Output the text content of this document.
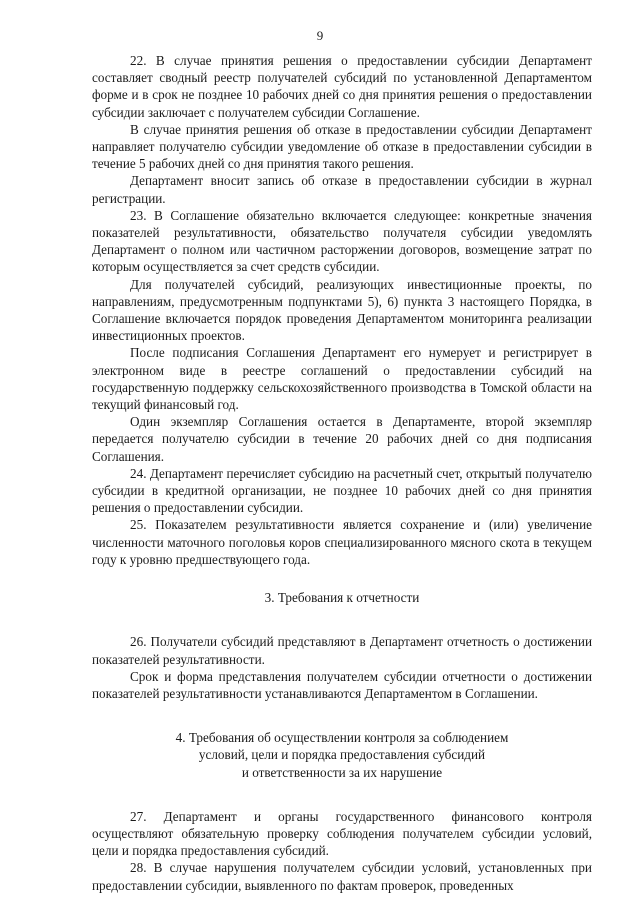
9

22. В случае принятия решения о предоставлении субсидии Департамент составляет сводный реестр получателей субсидий по установленной Департаментом форме и в срок не позднее 10 рабочих дней со дня принятия решения о предоставлении субсидии заключает с получателем субсидии Соглашение.

В случае принятия решения об отказе в предоставлении субсидии Департамент направляет получателю субсидии уведомление об отказе в предоставлении субсидии в течение 5 рабочих дней со дня принятия такого решения.

Департамент вносит запись об отказе в предоставлении субсидии в журнал регистрации.

23. В Соглашение обязательно включается следующее: конкретные значения показателей результативности, обязательство получателя субсидии уведомлять Департамент о полном или частичном расторжении договоров, возмещение затрат по которым осуществляется за счет средств субсидии.

Для получателей субсидий, реализующих инвестиционные проекты, по направлениям, предусмотренным подпунктами 5), 6) пункта 3 настоящего Порядка, в Соглашение включается порядок проведения Департаментом мониторинга реализации инвестиционных проектов.

После подписания Соглашения Департамент его нумерует и регистрирует в электронном виде в реестре соглашений о предоставлении субсидий на государственную поддержку сельскохозяйственного производства в Томской области на текущий финансовый год.

Один экземпляр Соглашения остается в Департаменте, второй экземпляр передается получателю субсидии в течение 20 рабочих дней со дня подписания Соглашения.

24. Департамент перечисляет субсидию на расчетный счет, открытый получателю субсидии в кредитной организации, не позднее 10 рабочих дней со дня принятия решения о предоставлении субсидии.

25. Показателем результативности является сохранение и (или) увеличение численности маточного поголовья коров специализированного мясного скота в текущем году к уровню предшествующего года.

3. Требования к отчетности

26. Получатели субсидий представляют в Департамент отчетность о достижении показателей результативности.

Срок и форма представления получателем субсидии отчетности о достижении показателей результативности устанавливаются Департаментом в Соглашении.

4. Требования об осуществлении контроля за соблюдением
условий, цели и порядка предоставления субсидий
и ответственности за их нарушение

27. Департамент и органы государственного финансового контроля осуществляют обязательную проверку соблюдения получателем субсидии условий, цели и порядка предоставления субсидий.

28. В случае нарушения получателем субсидии условий, установленных при предоставлении субсидии, выявленного по фактам проверок, проведенных
